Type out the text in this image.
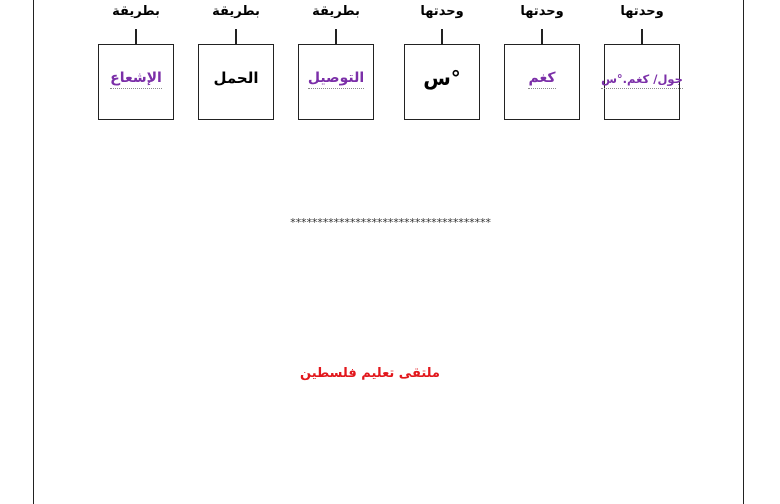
وحدتها
جول/ كغم.°س
وحدتها
كغم
وحدتها
°س
بطريقة
التوصيل
بطريقة
الحمل
بطريقة
الإشعاع
*************************************
ملتقى تعليم فلسطين
